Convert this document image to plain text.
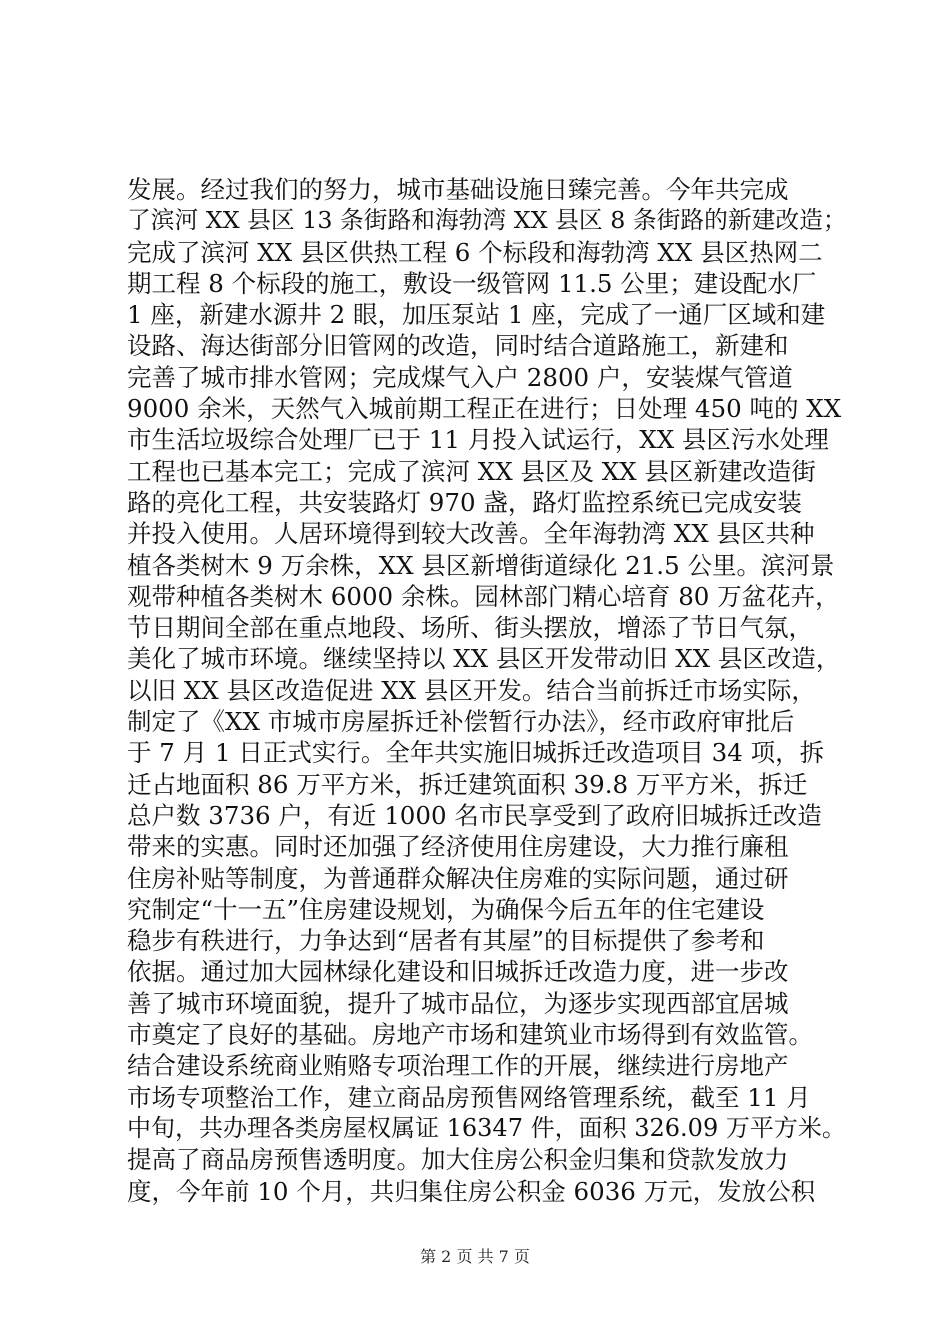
发展。经过我们的努力，城市基础设施日臻完善。今年共完成
了滨河 XX 县区 13 条街路和海勃湾 XX 县区 8 条街路的新建改造；
完成了滨河 XX 县区供热工程 6 个标段和海勃湾 XX 县区热网二
期工程 8 个标段的施工，敷设一级管网 11.5 公里；建设配水厂
1 座，新建水源井 2 眼，加压泵站 1 座，完成了一通厂区域和建
设路、海达街部分旧管网的改造，同时结合道路施工，新建和
完善了城市排水管网；完成煤气入户 2800 户，安装煤气管道
9000 余米，天然气入城前期工程正在进行；日处理 450 吨的 XX
市生活垃圾综合处理厂已于 11 月投入试运行，XX 县区污水处理
工程也已基本完工；完成了滨河 XX 县区及 XX 县区新建改造街
路的亮化工程，共安装路灯 970 盏，路灯监控系统已完成安装
并投入使用。人居环境得到较大改善。全年海勃湾 XX 县区共种
植各类树木 9 万余株，XX 县区新增街道绿化 21.5 公里。滨河景
观带种植各类树木 6000 余株。园林部门精心培育 80 万盆花卉，
节日期间全部在重点地段、场所、街头摆放，增添了节日气氛，
美化了城市环境。继续坚持以 XX 县区开发带动旧 XX 县区改造，
以旧 XX 县区改造促进 XX 县区开发。结合当前拆迁市场实际，
制定了《XX 市城市房屋拆迁补偿暂行办法》，经市政府审批后
于 7 月 1 日正式实行。全年共实施旧城拆迁改造项目 34 项，拆
迁占地面积 86 万平方米，拆迁建筑面积 39.8 万平方米，拆迁
总户数 3736 户，有近 1000 名市民享受到了政府旧城拆迁改造
带来的实惠。同时还加强了经济使用住房建设，大力推行廉租
住房补贴等制度，为普通群众解决住房难的实际问题，通过研
究制定“十一五”住房建设规划，为确保今后五年的住宅建设
稳步有秩进行，力争达到“居者有其屋”的目标提供了参考和
依据。通过加大园林绿化建设和旧城拆迁改造力度，进一步改
善了城市环境面貌，提升了城市品位，为逐步实现西部宜居城
市奠定了良好的基础。房地产市场和建筑业市场得到有效监管。
结合建设系统商业贿赂专项治理工作的开展，继续进行房地产
市场专项整治工作，建立商品房预售网络管理系统，截至 11 月
中旬，共办理各类房屋权属证 16347 件，面积 326.09 万平方米。
提高了商品房预售透明度。加大住房公积金归集和贷款发放力
度，今年前 10 个月，共归集住房公积金 6036 万元，发放公积
第 2 页 共 7 页
